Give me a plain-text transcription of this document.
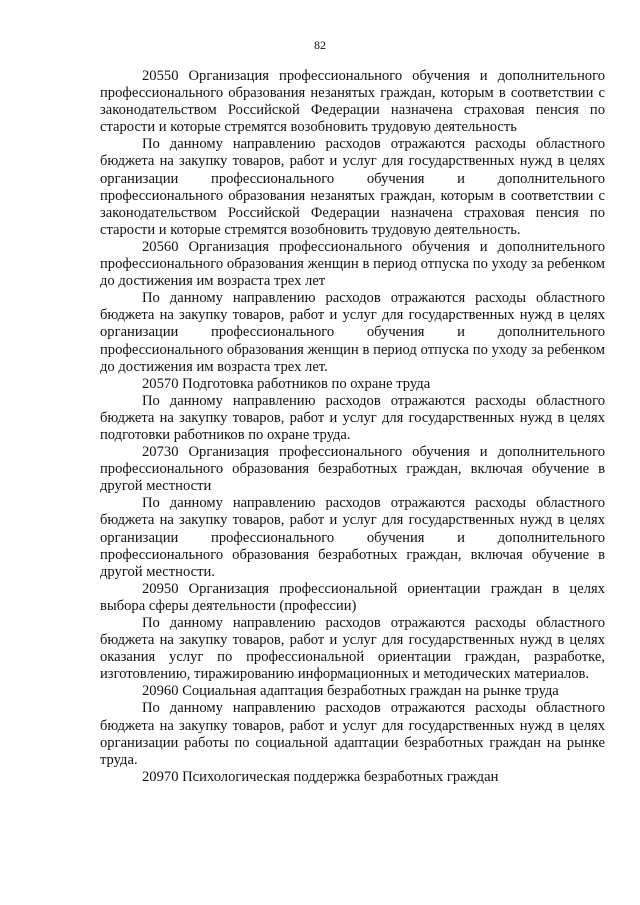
82

20550 Организация профессионального обучения и дополнительного профессионального образования незанятых граждан, которым в соответствии с законодательством Российской Федерации назначена страховая пенсия по старости и которые стремятся возобновить трудовую деятельность

По данному направлению расходов отражаются расходы областного бюджета на закупку товаров, работ и услуг для государственных нужд в целях организации профессионального обучения и дополнительного профессионального образования незанятых граждан, которым в соответствии с законодательством Российской Федерации назначена страховая пенсия по старости и которые стремятся возобновить трудовую деятельность.

20560 Организация профессионального обучения и дополнительного профессионального образования женщин в период отпуска по уходу за ребенком до достижения им возраста трех лет

По данному направлению расходов отражаются расходы областного бюджета на закупку товаров, работ и услуг для государственных нужд в целях организации профессионального обучения и дополнительного профессионального образования женщин в период отпуска по уходу за ребенком до достижения им возраста трех лет.

20570 Подготовка работников по охране труда

По данному направлению расходов отражаются расходы областного бюджета на закупку товаров, работ и услуг для государственных нужд в целях подготовки работников по охране труда.

20730 Организация профессионального обучения и дополнительного профессионального образования безработных граждан, включая обучение в другой местности

По данному направлению расходов отражаются расходы областного бюджета на закупку товаров, работ и услуг для государственных нужд в целях организации профессионального обучения и дополнительного профессионального образования безработных граждан, включая обучение в другой местности.

20950 Организация профессиональной ориентации граждан в целях выбора сферы деятельности (профессии)

По данному направлению расходов отражаются расходы областного бюджета на закупку товаров, работ и услуг для государственных нужд в целях оказания услуг по профессиональной ориентации граждан, разработке, изготовлению, тиражированию информационных и методических материалов.

20960 Социальная адаптация безработных граждан на рынке труда

По данному направлению расходов отражаются расходы областного бюджета на закупку товаров, работ и услуг для государственных нужд в целях организации работы по социальной адаптации безработных граждан на рынке труда.

20970 Психологическая поддержка безработных граждан
